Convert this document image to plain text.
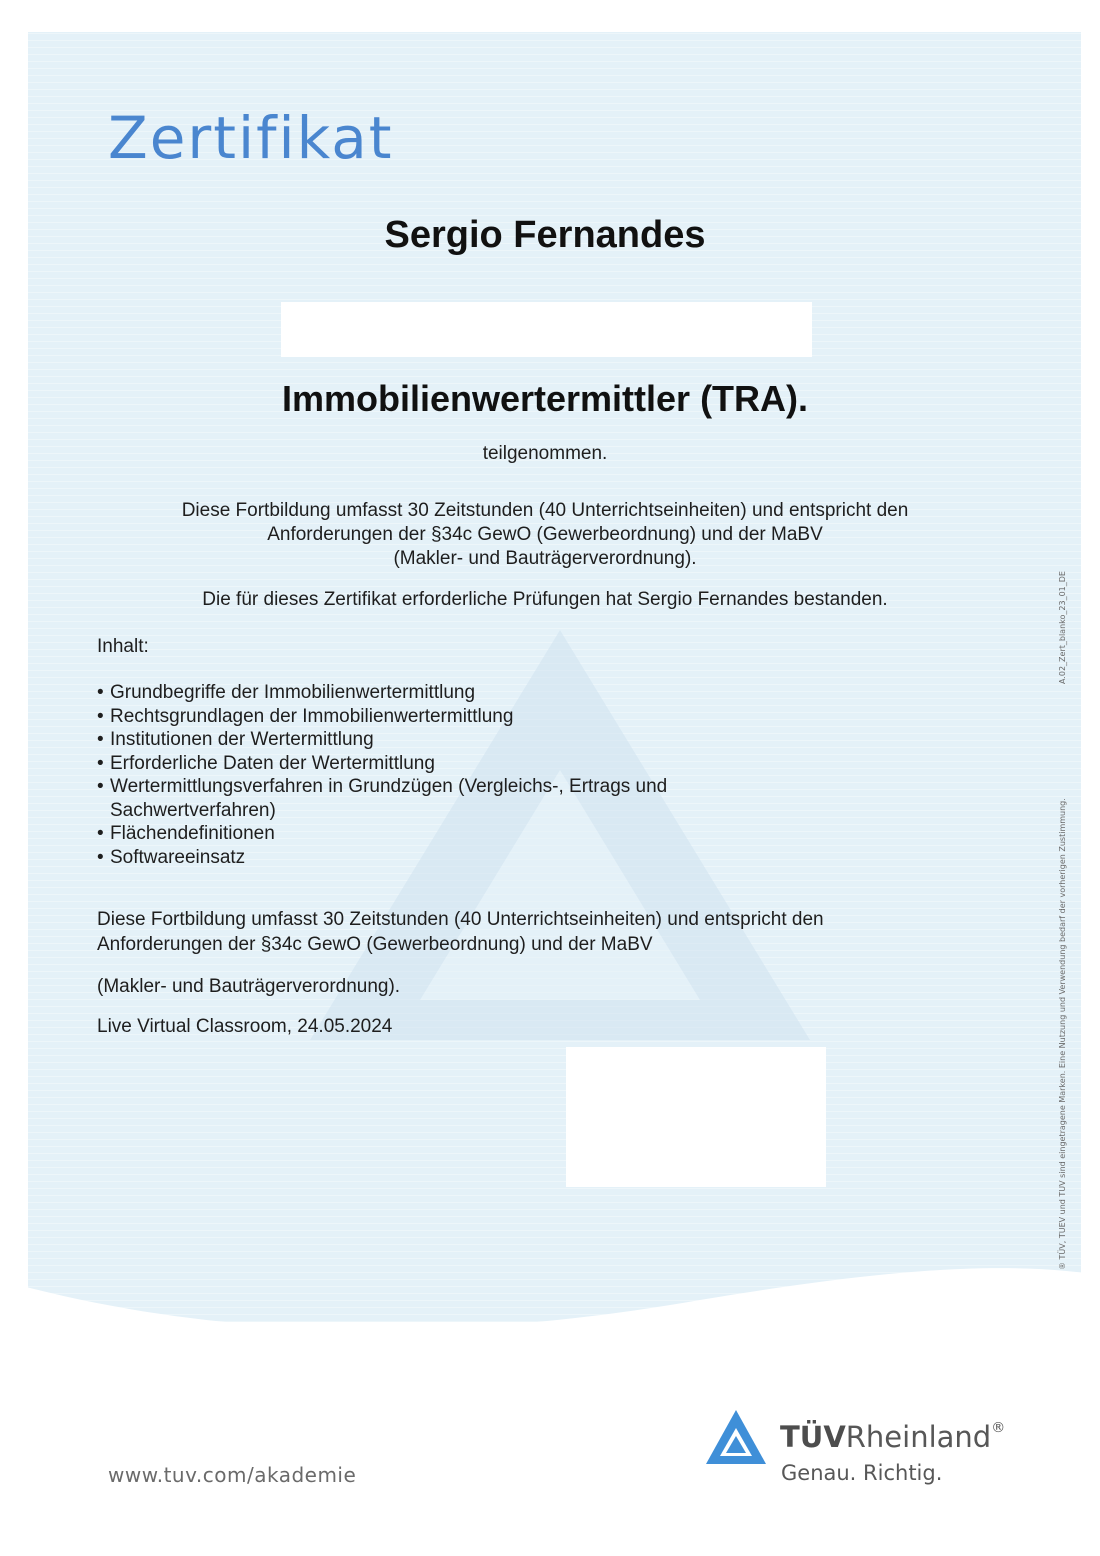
Zertifikat
Sergio Fernandes
Immobilienwertermittler (TRA).
teilgenommen.
Diese Fortbildung umfasst 30 Zeitstunden (40 Unterrichtseinheiten) und entspricht den
Anforderungen der §34c GewO (Gewerbeordnung) und der MaBV
(Makler- und Bauträgerverordnung).
Die für dieses Zertifikat erforderliche Prüfungen hat Sergio Fernandes bestanden.
Inhalt:
• Grundbegriffe der Immobilienwertermittlung
• Rechtsgrundlagen der Immobilienwertermittlung
• Institutionen der Wertermittlung
• Erforderliche Daten der Wertermittlung
• Wertermittlungsverfahren in Grundzügen (Vergleichs-, Ertrags und
Sachwertverfahren)
• Flächendefinitionen
• Softwareeinsatz
Diese Fortbildung umfasst 30 Zeitstunden (40 Unterrichtseinheiten) und entspricht den
Anforderungen der §34c GewO (Gewerbeordnung) und der MaBV
(Makler- und Bauträgerverordnung).
Live Virtual Classroom, 24.05.2024	® TÜV, TUEV und TUV sind eingetragene Marken. Eine Nutzung und Verwendung bedarf der vorherigen Zustimmung.
A.02_Zert_blanko_23_01_DE
www.tuv.com/akademie
TÜVRheinland®
Genau. Richtig.
